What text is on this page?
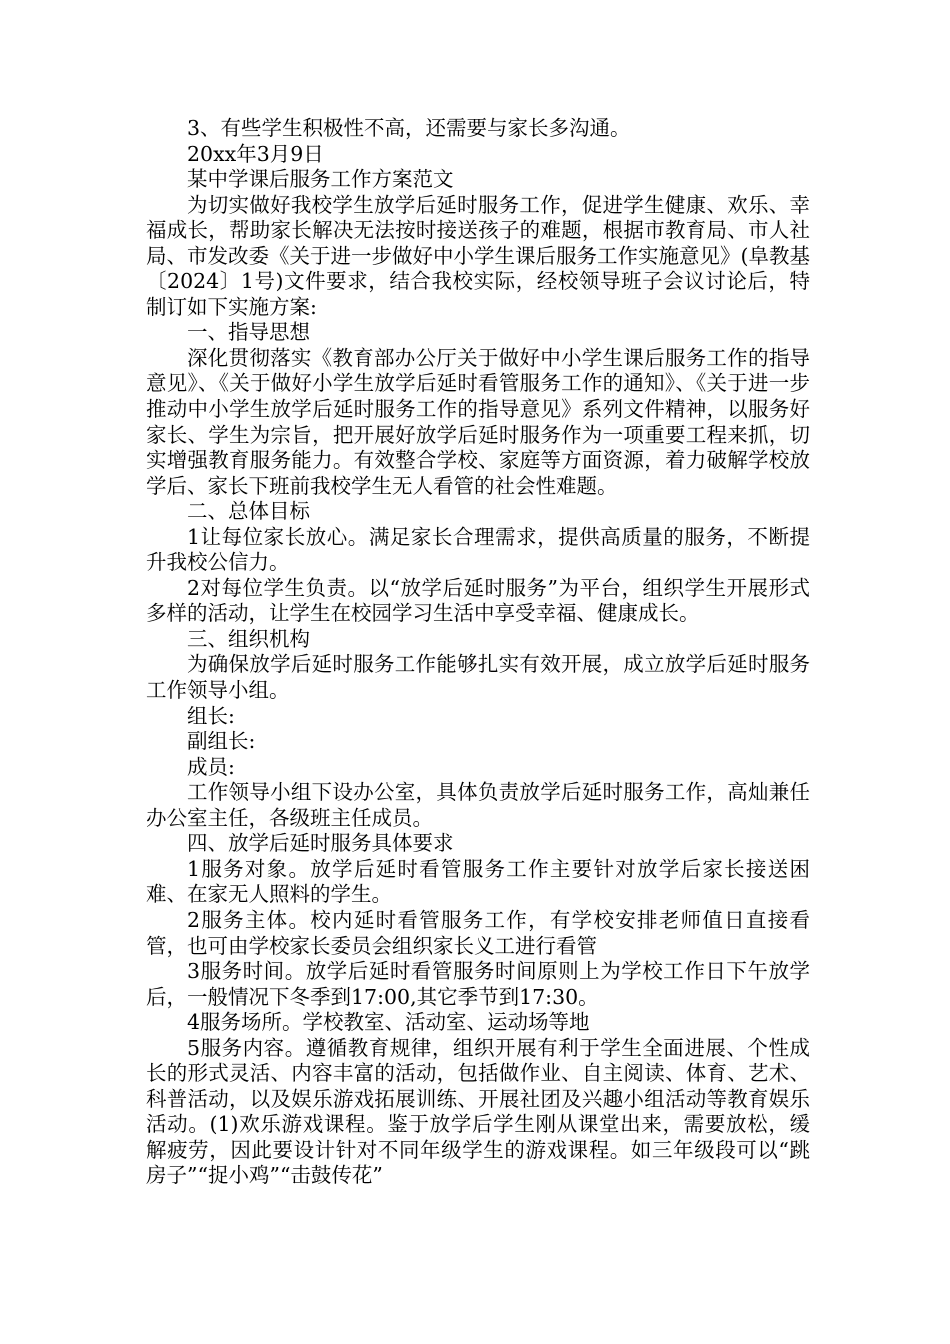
3、有些学生积极性不高，还需要与家长多沟通。

20xx年3月9日

某中学课后服务工作方案范文

为切实做好我校学生放学后延时服务工作，促进学生健康、欢乐、幸福成长，帮助家长解决无法按时接送孩子的难题，根据市教育局、市人社局、市发改委《关于进一步做好中小学生课后服务工作实施意见》(阜教基〔2024〕1号)文件要求，结合我校实际，经校领导班子会议讨论后，特制订如下实施方案:

一、指导思想

深化贯彻落实《教育部办公厅关于做好中小学生课后服务工作的指导意见》、《关于做好小学生放学后延时看管服务工作的通知》、《关于进一步推动中小学生放学后延时服务工作的指导意见》系列文件精神，以服务好家长、学生为宗旨，把开展好放学后延时服务作为一项重要工程来抓，切实增强教育服务能力。有效整合学校、家庭等方面资源，着力破解学校放学后、家长下班前我校学生无人看管的社会性难题。

二、总体目标

1让每位家长放心。满足家长合理需求，提供高质量的服务，不断提升我校公信力。

2对每位学生负责。以“放学后延时服务”为平台，组织学生开展形式多样的活动，让学生在校园学习生活中享受幸福、健康成长。

三、组织机构

为确保放学后延时服务工作能够扎实有效开展，成立放学后延时服务工作领导小组。

组长:

副组长:

成员:

工作领导小组下设办公室，具体负责放学后延时服务工作，高灿兼任办公室主任，各级班主任成员。

四、放学后延时服务具体要求

1服务对象。放学后延时看管服务工作主要针对放学后家长接送困难、在家无人照料的学生。

2服务主体。校内延时看管服务工作，有学校安排老师值日直接看管，也可由学校家长委员会组织家长义工进行看管

3服务时间。放学后延时看管服务时间原则上为学校工作日下午放学后，一般情况下冬季到17:00,其它季节到17:30。

4服务场所。学校教室、活动室、运动场等地

5服务内容。遵循教育规律，组织开展有利于学生全面进展、个性成长的形式灵活、内容丰富的活动，包括做作业、自主阅读、体育、艺术、科普活动，以及娱乐游戏拓展训练、开展社团及兴趣小组活动等教育娱乐活动。(1)欢乐游戏课程。鉴于放学后学生刚从课堂出来，需要放松，缓解疲劳，因此要设计针对不同年级学生的游戏课程。如三年级段可以“跳房子”“捉小鸡”“击鼓传花”
